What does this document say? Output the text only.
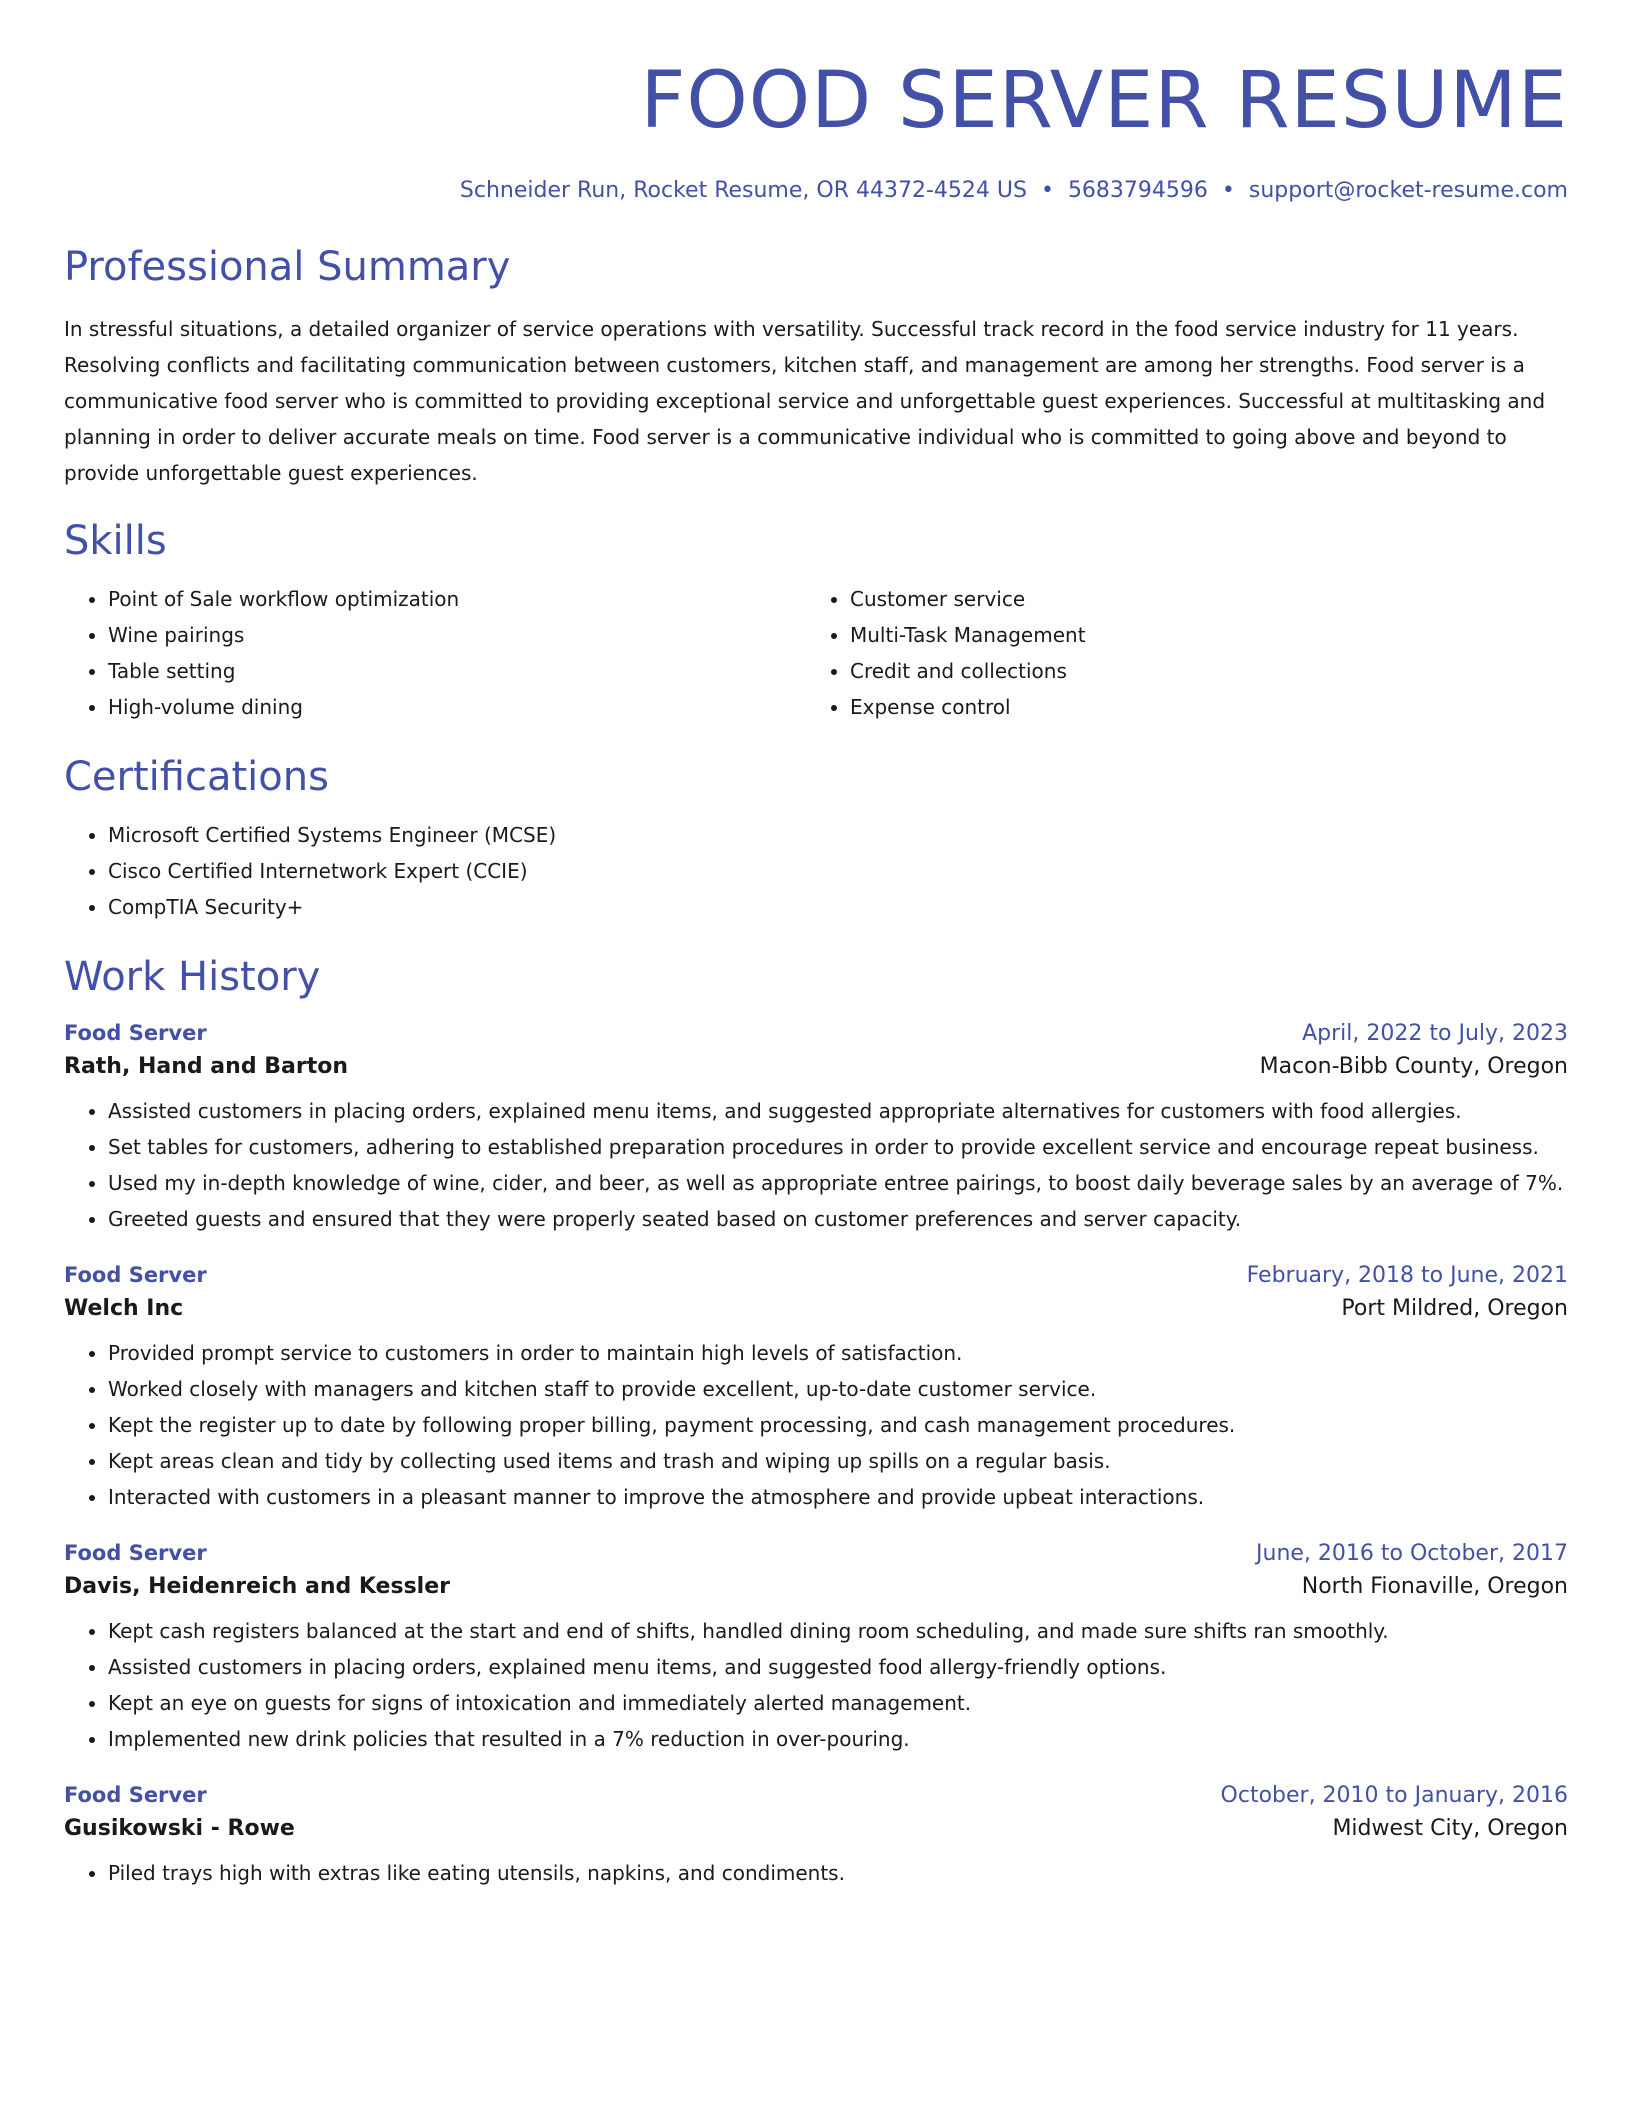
FOOD SERVER RESUME
Schneider Run, Rocket Resume, OR 44372-4524 US • 5683794596 • support@rocket-resume.com
Professional Summary

In stressful situations, a detailed organizer of service operations with versatility. Successful track record in the food service industry for 11 years. Resolving conflicts and facilitating communication between customers, kitchen staff, and management are among her strengths. Food server is a communicative food server who is committed to providing exceptional service and unforgettable guest experiences. Successful at multitasking and planning in order to deliver accurate meals on time. Food server is a communicative individual who is committed to going above and beyond to provide unforgettable guest experiences.

Skills
• Point of Sale workflow optimization
• Wine pairings
• Table setting
• High-volume dining
• Customer service
• Multi-Task Management
• Credit and collections
• Expense control
Certifications
• Microsoft Certified Systems Engineer (MCSE)
• Cisco Certified Internetwork Expert (CCIE)
• CompTIA Security+
Work History
Food Server	April, 2022 to July, 2023
Rath, Hand and Barton	Macon-Bibb County, Oregon
• Assisted customers in placing orders, explained menu items, and suggested appropriate alternatives for customers with food allergies.
• Set tables for customers, adhering to established preparation procedures in order to provide excellent service and encourage repeat business.
• Used my in-depth knowledge of wine, cider, and beer, as well as appropriate entree pairings, to boost daily beverage sales by an average of 7%.
• Greeted guests and ensured that they were properly seated based on customer preferences and server capacity.
Food Server	February, 2018 to June, 2021
Welch Inc	Port Mildred, Oregon
• Provided prompt service to customers in order to maintain high levels of satisfaction.
• Worked closely with managers and kitchen staff to provide excellent, up-to-date customer service.
• Kept the register up to date by following proper billing, payment processing, and cash management procedures.
• Kept areas clean and tidy by collecting used items and trash and wiping up spills on a regular basis.
• Interacted with customers in a pleasant manner to improve the atmosphere and provide upbeat interactions.
Food Server	June, 2016 to October, 2017
Davis, Heidenreich and Kessler	North Fionaville, Oregon
• Kept cash registers balanced at the start and end of shifts, handled dining room scheduling, and made sure shifts ran smoothly.
• Assisted customers in placing orders, explained menu items, and suggested food allergy-friendly options.
• Kept an eye on guests for signs of intoxication and immediately alerted management.
• Implemented new drink policies that resulted in a 7% reduction in over-pouring.
Food Server	October, 2010 to January, 2016
Gusikowski - Rowe	Midwest City, Oregon
• Piled trays high with extras like eating utensils, napkins, and condiments.
